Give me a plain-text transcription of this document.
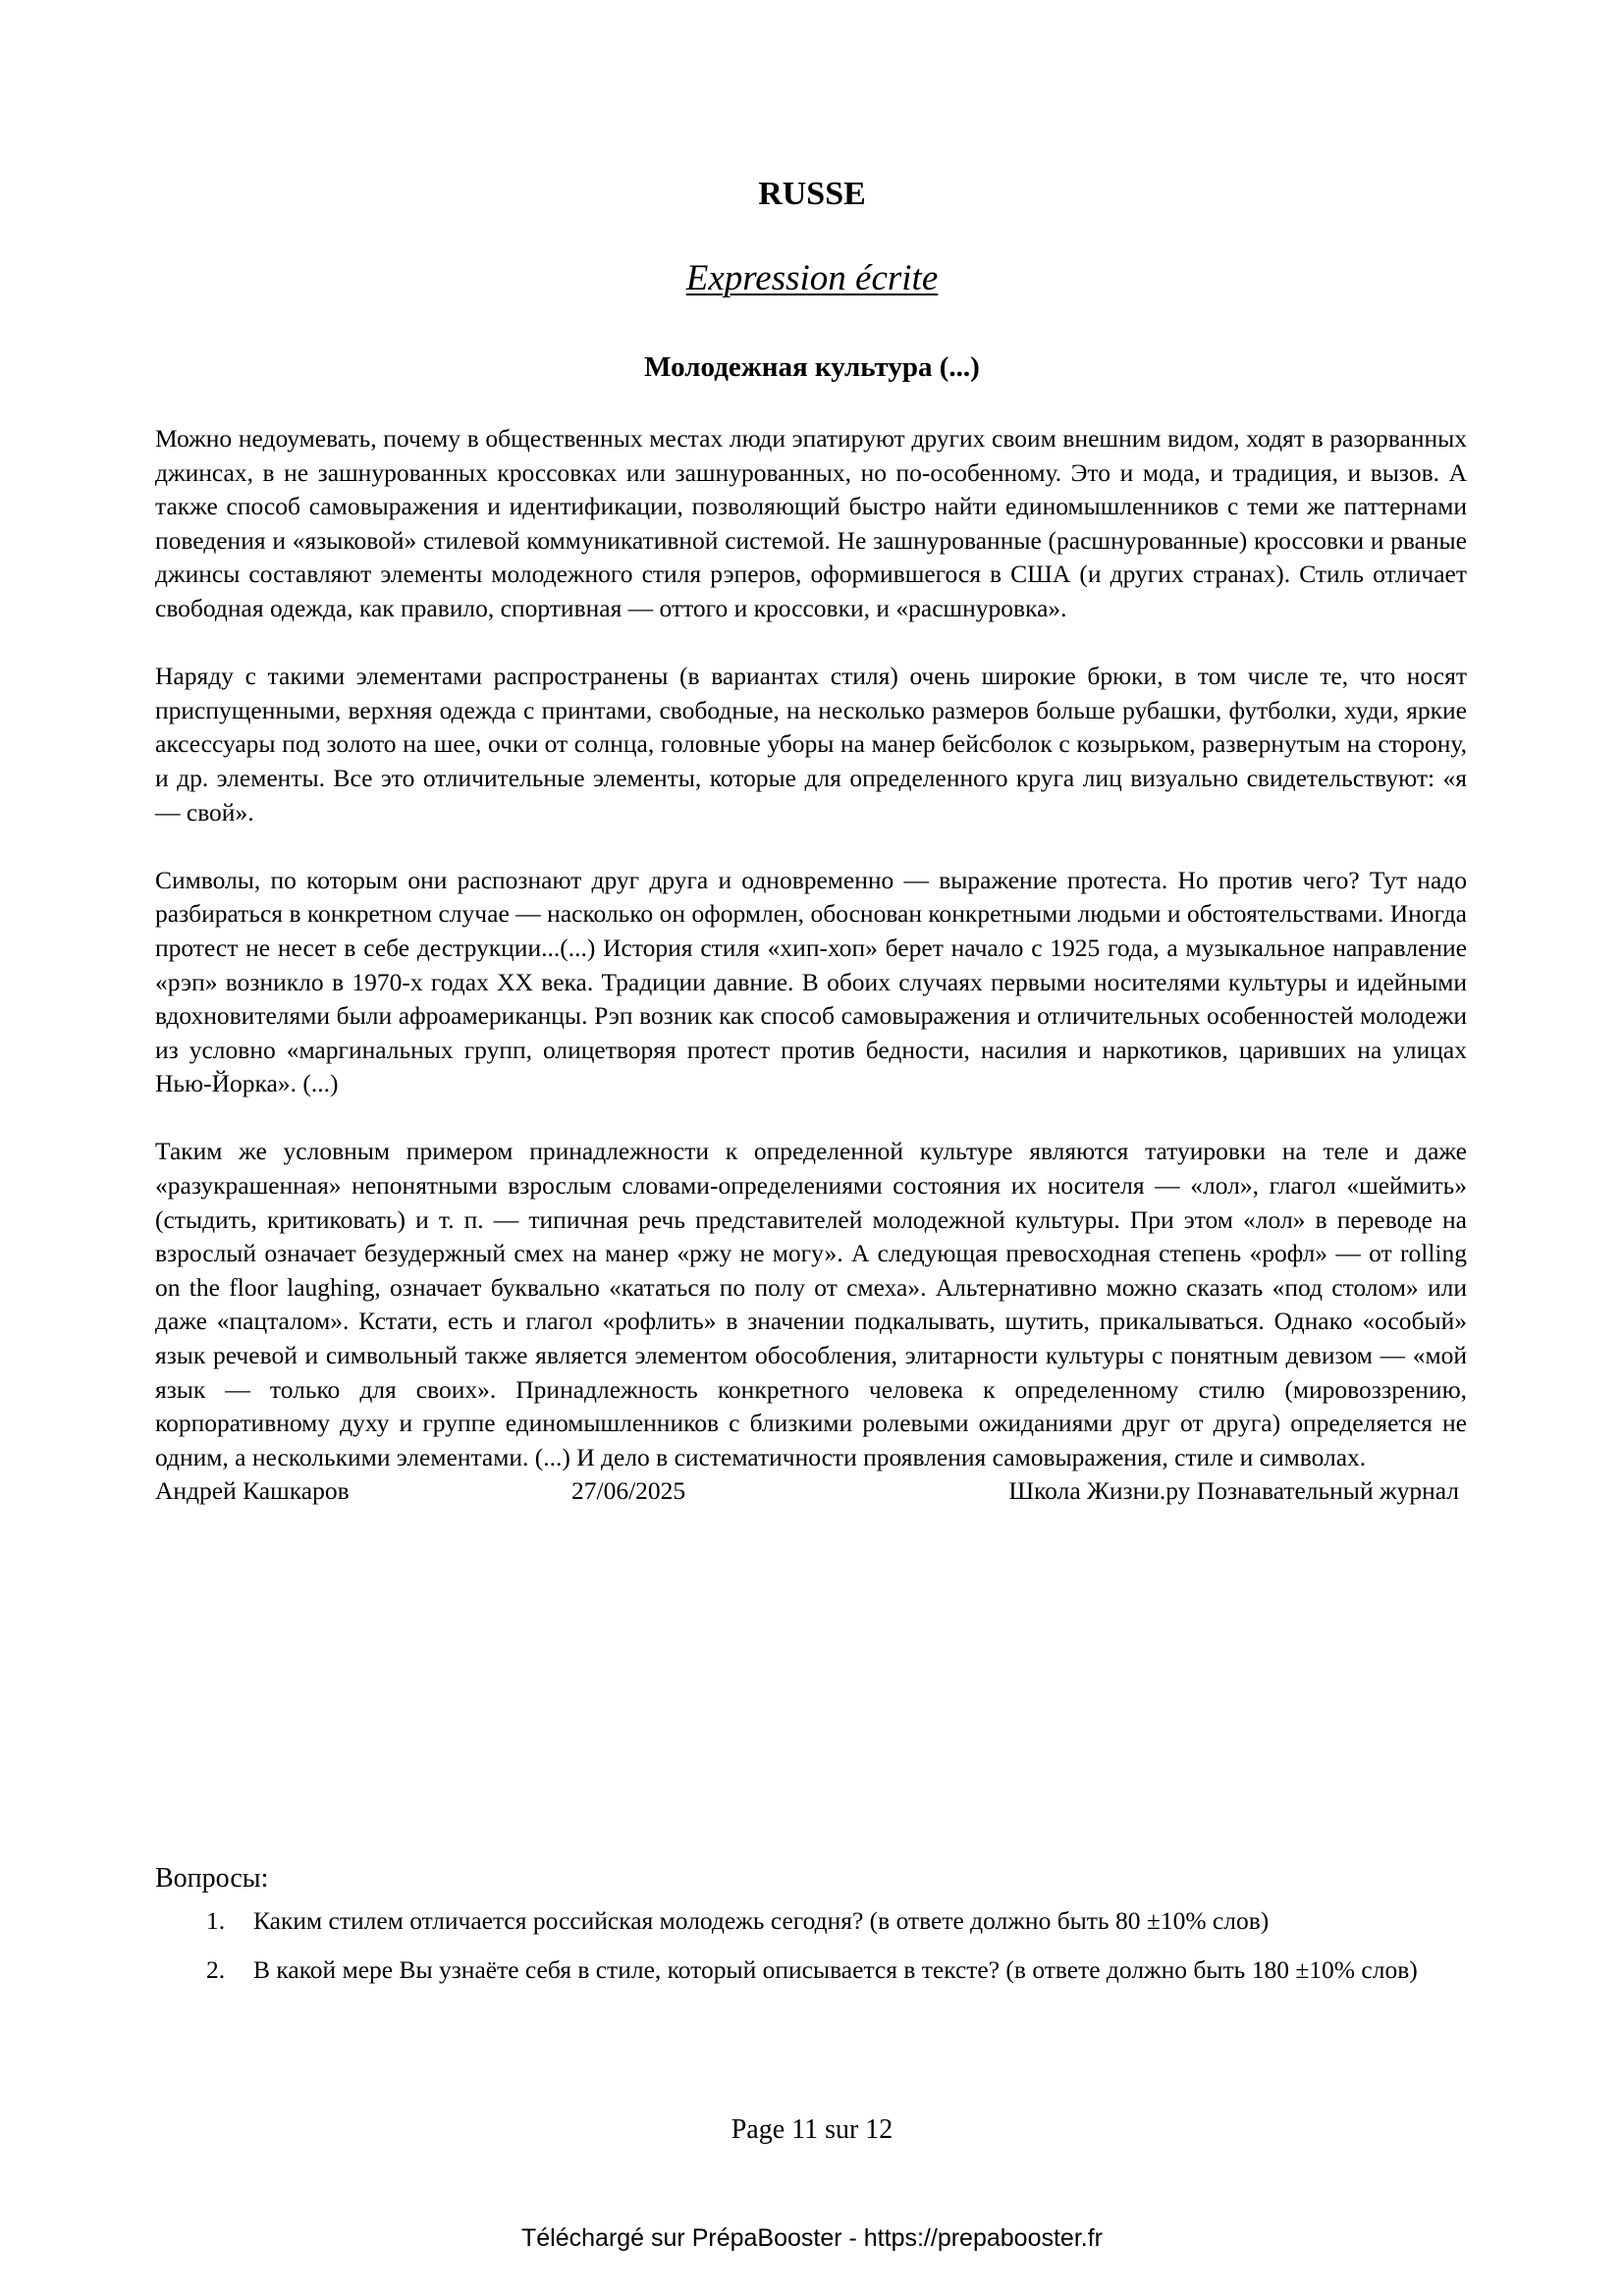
RUSSE
Expression écrite
Молодежная культура (...)

Можно недоумевать, почему в общественных местах люди эпатируют других своим внешним видом, ходят в разорванных джинсах, в не зашнурованных кроссовках или зашнурованных, но по-особенному. Это и мода, и традиция, и вызов. А также способ самовыражения и идентификации, позволяющий быстро найти единомышленников с теми же паттернами поведения и «языковой» стилевой коммуникативной системой. Не зашнурованные (расшнурованные) кроссовки и рваные джинсы составляют элементы молодежного стиля рэперов, оформившегося в США (и других странах). Стиль отличает свободная одежда, как правило, спортивная — оттого и кроссовки, и «расшнуровка».

Наряду с такими элементами распространены (в вариантах стиля) очень широкие брюки, в том числе те, что носят приспущенными, верхняя одежда с принтами, свободные, на несколько размеров больше рубашки, футболки, худи, яркие аксессуары под золото на шее, очки от солнца, головные уборы на манер бейсболок с козырьком, развернутым на сторону, и др. элементы. Все это отличительные элементы, которые для определенного круга лиц визуально свидетельствуют: «я — свой».

Символы, по которым они распознают друг друга и одновременно — выражение протеста. Но против чего? Тут надо разбираться в конкретном случае — насколько он оформлен, обоснован конкретными людьми и обстоятельствами. Иногда протест не несет в себе деструкции...(...) История стиля «хип-хоп» берет начало с 1925 года, а музыкальное направление «рэп» возникло в 1970-х годах XX века. Традиции давние. В обоих случаях первыми носителями культуры и идейными вдохновителями были афроамериканцы. Рэп возник как способ самовыражения и отличительных особенностей молодежи из условно «маргинальных групп, олицетворяя протест против бедности, насилия и наркотиков, царивших на улицах Нью-Йорка». (...)

Таким же условным примером принадлежности к определенной культуре являются татуировки на теле и даже «разукрашенная» непонятными взрослым словами-определениями состояния их носителя — «лол», глагол «шеймить» (стыдить, критиковать) и т. п. — типичная речь представителей молодежной культуры. При этом «лол» в переводе на взрослый означает безудержный смех на манер «ржу не могу». А следующая превосходная степень «рофл» — от rolling on the floor laughing, означает буквально «кататься по полу от смеха». Альтернативно можно сказать «под столом» или даже «пацталом». Кстати, есть и глагол «рофлить» в значении подкалывать, шутить, прикалываться. Однако «особый» язык речевой и символьный также является элементом обособления, элитарности культуры с понятным девизом — «мой язык — только для своих». Принадлежность конкретного человека к определенному стилю (мировоззрению, корпоративному духу и группе единомышленников с близкими ролевыми ожиданиями друг от друга) определяется не одним, а несколькими элементами. (...) И дело в систематичности проявления самовыражения, стиле и символах.

Андрей Кашкаров	27/06/2025	Школа Жизни.ру Познавательный журнал
Вопросы:
1. Каким стилем отличается российская молодежь сегодня? (в ответе должно быть 80 ±10% слов)
2. В какой мере Вы узнаёте себя в стиле, который описывается в тексте? (в ответе должно быть 180 ±10% слов)
Page 11 sur 12
Téléchargé sur PrépaBooster - https://prepabooster.fr
